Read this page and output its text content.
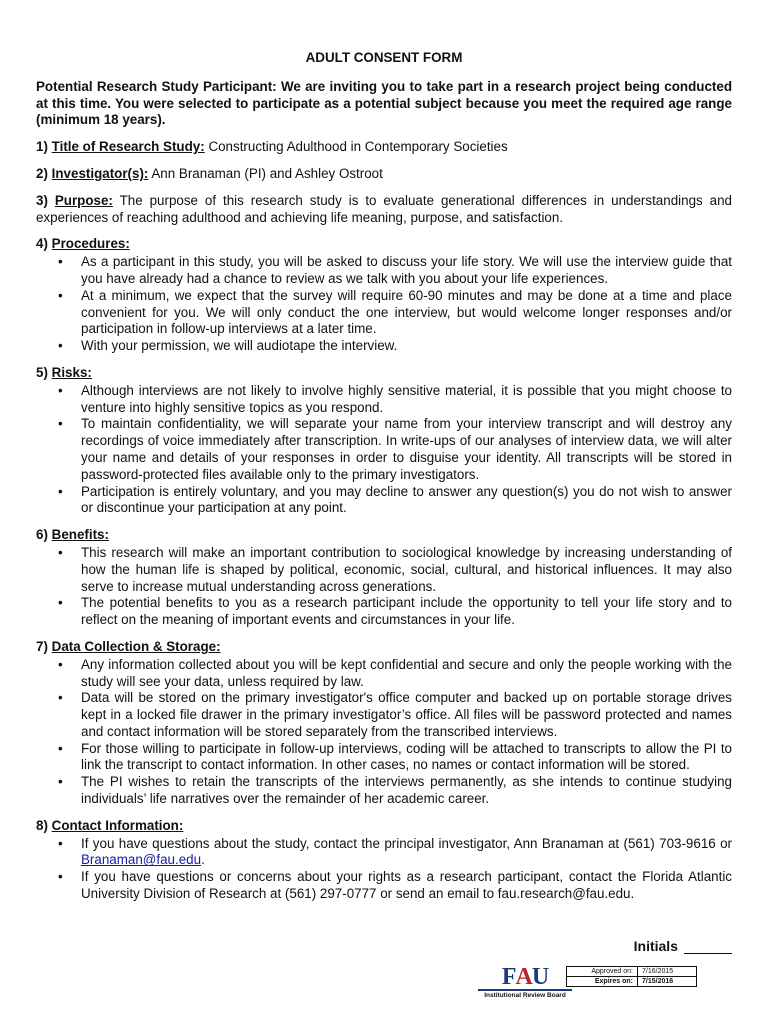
ADULT CONSENT FORM
Potential Research Study Participant: We are inviting you to take part in a research project being conducted at this time. You were selected to participate as a potential subject because you meet the required age range (minimum 18 years).
1) Title of Research Study: Constructing Adulthood in Contemporary Societies
2) Investigator(s): Ann Branaman (PI) and Ashley Ostroot
3) Purpose: The purpose of this research study is to evaluate generational differences in understandings and experiences of reaching adulthood and achieving life meaning, purpose, and satisfaction.
4) Procedures:
• As a participant in this study, you will be asked to discuss your life story. We will use the interview guide that you have already had a chance to review as we talk with you about your life experiences.
• At a minimum, we expect that the survey will require 60-90 minutes and may be done at a time and place convenient for you. We will only conduct the one interview, but would welcome longer responses and/or participation in follow-up interviews at a later time.
• With your permission, we will audiotape the interview.
5) Risks:
• Although interviews are not likely to involve highly sensitive material, it is possible that you might choose to venture into highly sensitive topics as you respond.
• To maintain confidentiality, we will separate your name from your interview transcript and will destroy any recordings of voice immediately after transcription. In write-ups of our analyses of interview data, we will alter your name and details of your responses in order to disguise your identity. All transcripts will be stored in password-protected files available only to the primary investigators.
• Participation is entirely voluntary, and you may decline to answer any question(s) you do not wish to answer or discontinue your participation at any point.
6) Benefits:
• This research will make an important contribution to sociological knowledge by increasing understanding of how the human life is shaped by political, economic, social, cultural, and historical influences. It may also serve to increase mutual understanding across generations.
• The potential benefits to you as a research participant include the opportunity to tell your life story and to reflect on the meaning of important events and circumstances in your life.
7) Data Collection & Storage:
• Any information collected about you will be kept confidential and secure and only the people working with the study will see your data, unless required by law.
• Data will be stored on the primary investigator's office computer and backed up on portable storage drives kept in a locked file drawer in the primary investigator’s office. All files will be password protected and names and contact information will be stored separately from the transcribed interviews.
• For those willing to participate in follow-up interviews, coding will be attached to transcripts to allow the PI to link the transcript to contact information. In other cases, no names or contact information will be stored.
• The PI wishes to retain the transcripts of the interviews permanently, as she intends to continue studying individuals’ life narratives over the remainder of her academic career.
8) Contact Information:
• If you have questions about the study, contact the principal investigator, Ann Branaman at (561) 703-9616 or Branaman@fau.edu.
• If you have questions or concerns about your rights as a research participant, contact the Florida Atlantic University Division of Research at (561) 297-0777 or send an email to fau.research@fau.edu.
Initials
FAU
Institutional Review Board
Approved on:	7/16/2015
Expires on:	7/15/2016
